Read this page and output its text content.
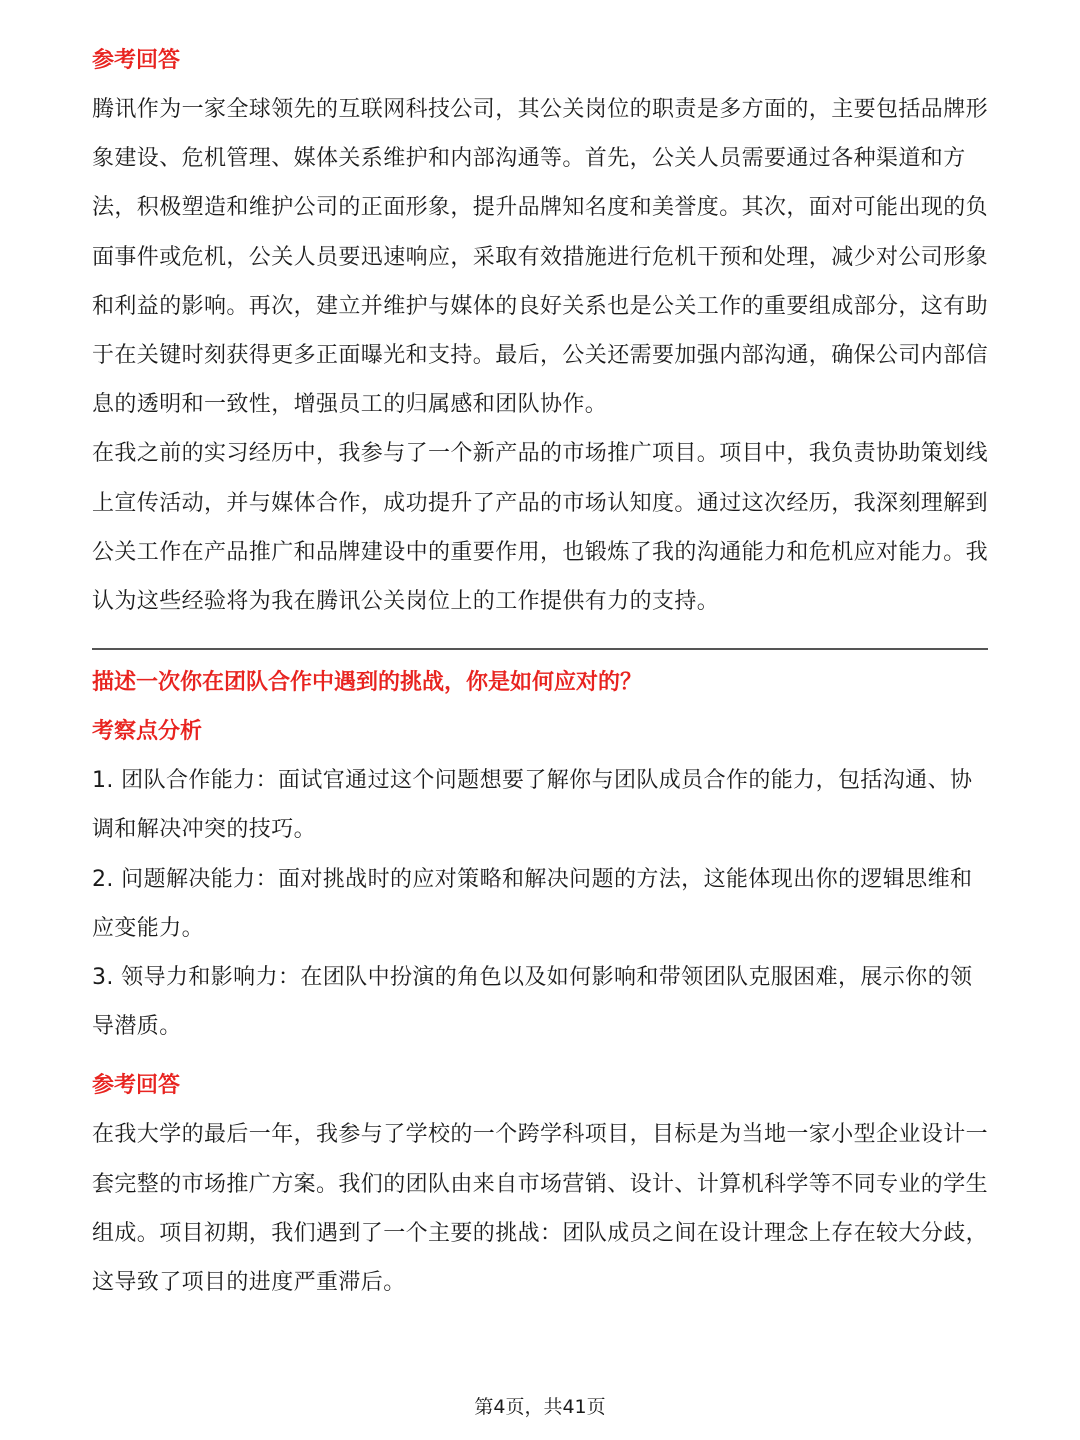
参考回答

腾讯作为一家全球领先的互联网科技公司，其公关岗位的职责是多方面的，主要包括品牌形象建设、危机管理、媒体关系维护和内部沟通等。首先，公关人员需要通过各种渠道和方法，积极塑造和维护公司的正面形象，提升品牌知名度和美誉度。其次，面对可能出现的负面事件或危机，公关人员要迅速响应，采取有效措施进行危机干预和处理，减少对公司形象和利益的影响。再次，建立并维护与媒体的良好关系也是公关工作的重要组成部分，这有助于在关键时刻获得更多正面曝光和支持。最后，公关还需要加强内部沟通，确保公司内部信息的透明和一致性，增强员工的归属感和团队协作。

在我之前的实习经历中，我参与了一个新产品的市场推广项目。项目中，我负责协助策划线上宣传活动，并与媒体合作，成功提升了产品的市场认知度。通过这次经历，我深刻理解到公关工作在产品推广和品牌建设中的重要作用，也锻炼了我的沟通能力和危机应对能力。我认为这些经验将为我在腾讯公关岗位上的工作提供有力的支持。

描述一次你在团队合作中遇到的挑战，你是如何应对的？
考察点分析

1. 团队合作能力：面试官通过这个问题想要了解你与团队成员合作的能力，包括沟通、协调和解决冲突的技巧。

2. 问题解决能力：面对挑战时的应对策略和解决问题的方法，这能体现出你的逻辑思维和应变能力。

3. 领导力和影响力：在团队中扮演的角色以及如何影响和带领团队克服困难，展示你的领导潜质。

参考回答

在我大学的最后一年，我参与了学校的一个跨学科项目，目标是为当地一家小型企业设计一套完整的市场推广方案。我们的团队由来自市场营销、设计、计算机科学等不同专业的学生组成。项目初期，我们遇到了一个主要的挑战：团队成员之间在设计理念上存在较大分歧，这导致了项目的进度严重滞后。

第4页，共41页
